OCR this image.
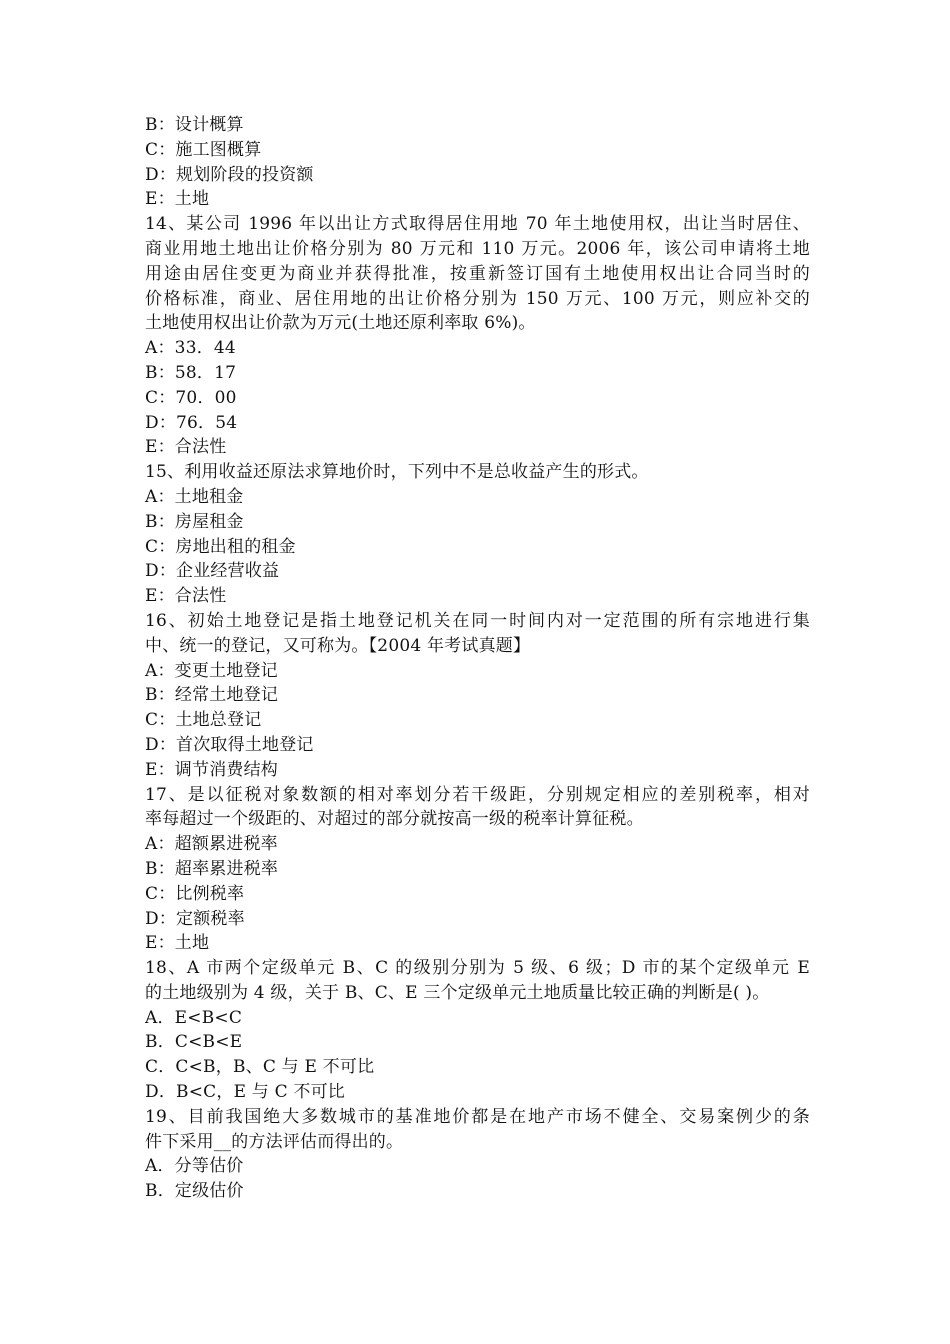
B：设计概算
C：施工图概算
D：规划阶段的投资额
E：土地
14、某公司 1996 年以出让方式取得居住用地 70 年土地使用权，出让当时居住、
商业用地土地出让价格分别为 80 万元和 110 万元。2006 年，该公司申请将土地
用途由居住变更为商业并获得批准，按重新签订国有土地使用权出让合同当时的
价格标准，商业、居住用地的出让价格分别为 150 万元、100 万元，则应补交的
土地使用权出让价款为万元(土地还原利率取 6%)。
A：33．44
B：58．17
C：70．00
D：76．54
E：合法性
15、利用收益还原法求算地价时，下列中不是总收益产生的形式。
A：土地租金
B：房屋租金
C：房地出租的租金
D：企业经营收益
E：合法性
16、初始土地登记是指土地登记机关在同一时间内对一定范围的所有宗地进行集
中、统一的登记，又可称为。【2004 年考试真题】
A：变更土地登记
B：经常土地登记
C：土地总登记
D：首次取得土地登记
E：调节消费结构
17、是以征税对象数额的相对率划分若干级距，分别规定相应的差别税率，相对
率每超过一个级距的、对超过的部分就按高一级的税率计算征税。
A：超额累进税率
B：超率累进税率
C：比例税率
D：定额税率
E：土地
18、A 市两个定级单元 B、C 的级别分别为 5 级、6 级；D 市的某个定级单元 E
的土地级别为 4 级，关于 B、C、E 三个定级单元土地质量比较正确的判断是( )。
A．E<B<C
B．C<B<E
C．C<B，B、C 与 E 不可比
D．B<C，E 与 C 不可比
19、目前我国绝大多数城市的基准地价都是在地产市场不健全、交易案例少的条
件下采用__的方法评估而得出的。
A．分等估价
B．定级估价
